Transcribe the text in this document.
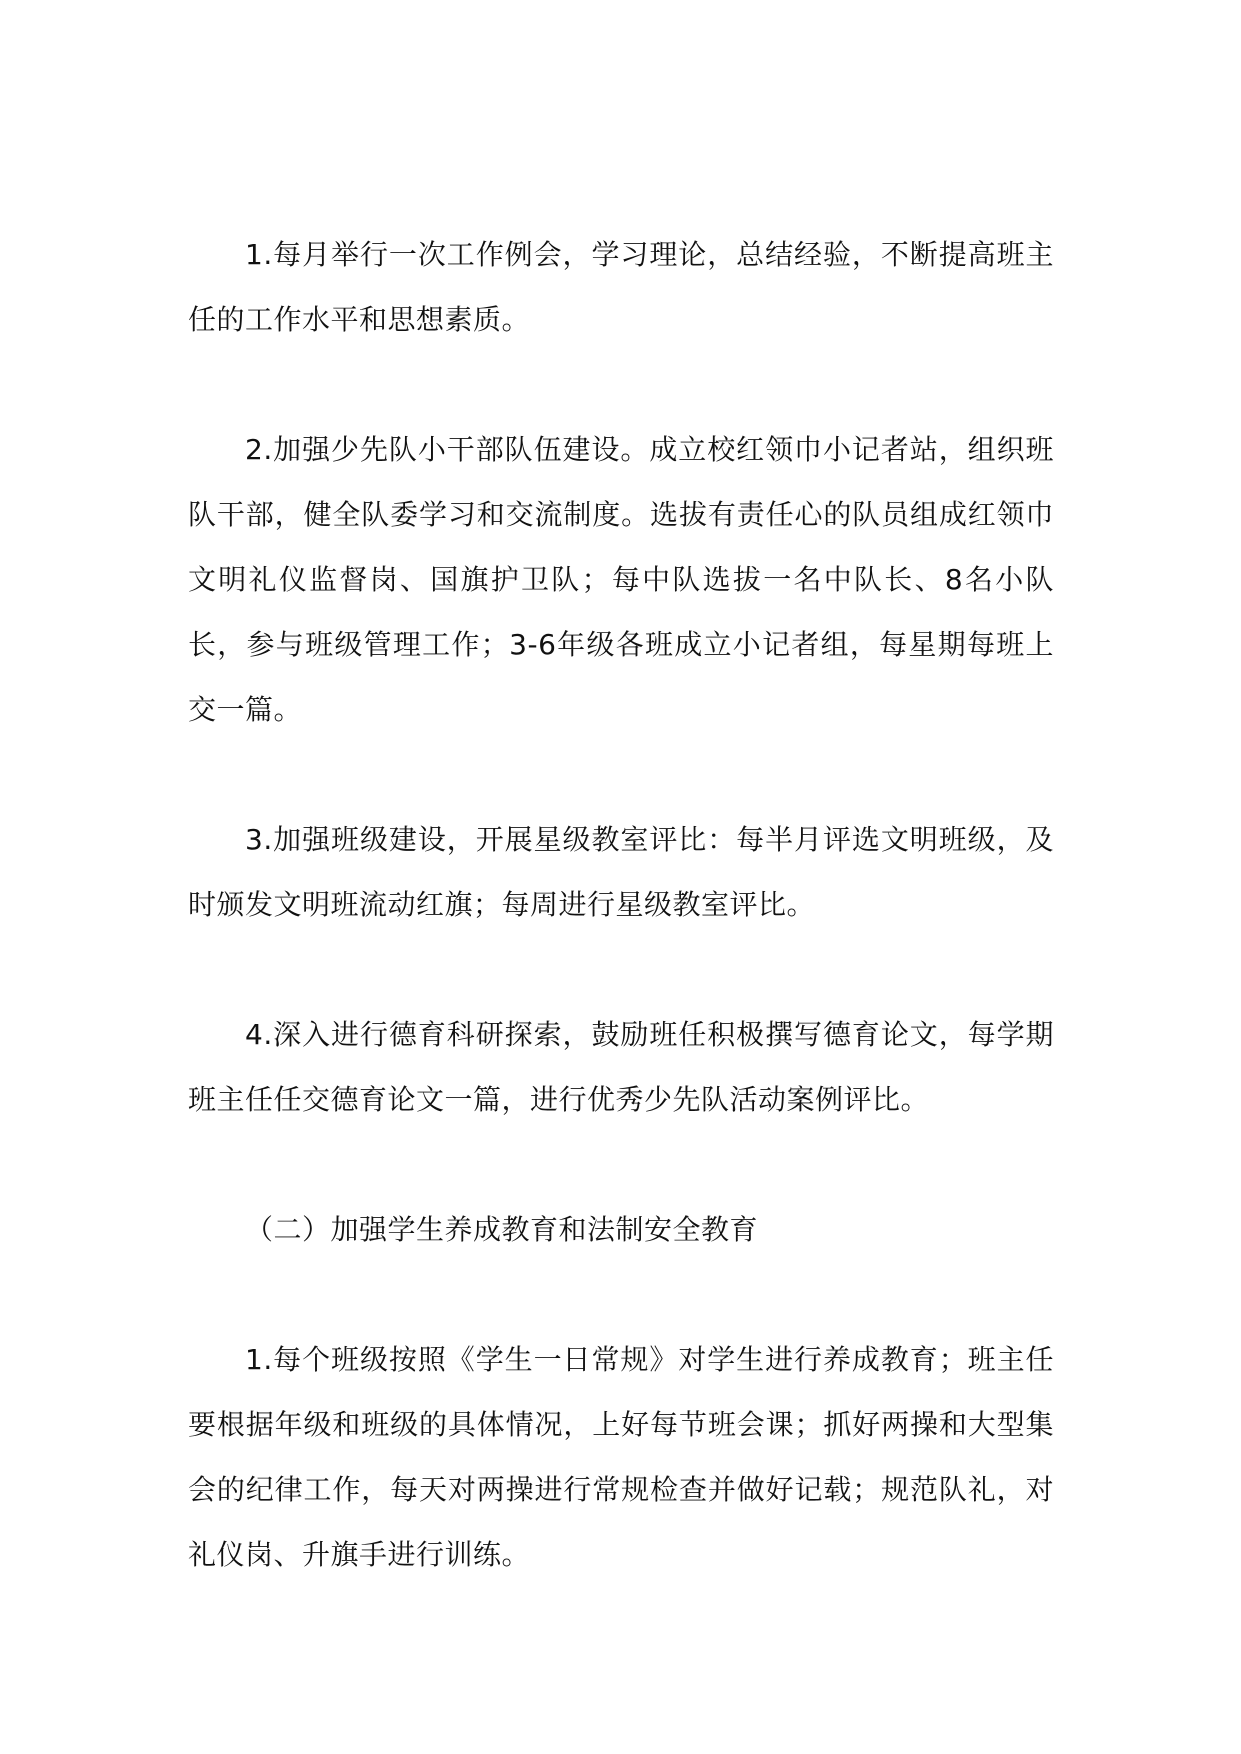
1.每月举行一次工作例会，学习理论，总结经验，不断提高班主任的工作水平和思想素质。

2.加强少先队小干部队伍建设。成立校红领巾小记者站，组织班队干部，健全队委学习和交流制度。选拔有责任心的队员组成红领巾文明礼仪监督岗、国旗护卫队；每中队选拔一名中队长、8名小队长，参与班级管理工作；3-6年级各班成立小记者组，每星期每班上交一篇。

3.加强班级建设，开展星级教室评比：每半月评选文明班级，及时颁发文明班流动红旗；每周进行星级教室评比。

4.深入进行德育科研探索，鼓励班任积极撰写德育论文，每学期班主任任交德育论文一篇，进行优秀少先队活动案例评比。

（二）加强学生养成教育和法制安全教育

1.每个班级按照《学生一日常规》对学生进行养成教育；班主任要根据年级和班级的具体情况，上好每节班会课；抓好两操和大型集会的纪律工作，每天对两操进行常规检查并做好记载；规范队礼，对礼仪岗、升旗手进行训练。
